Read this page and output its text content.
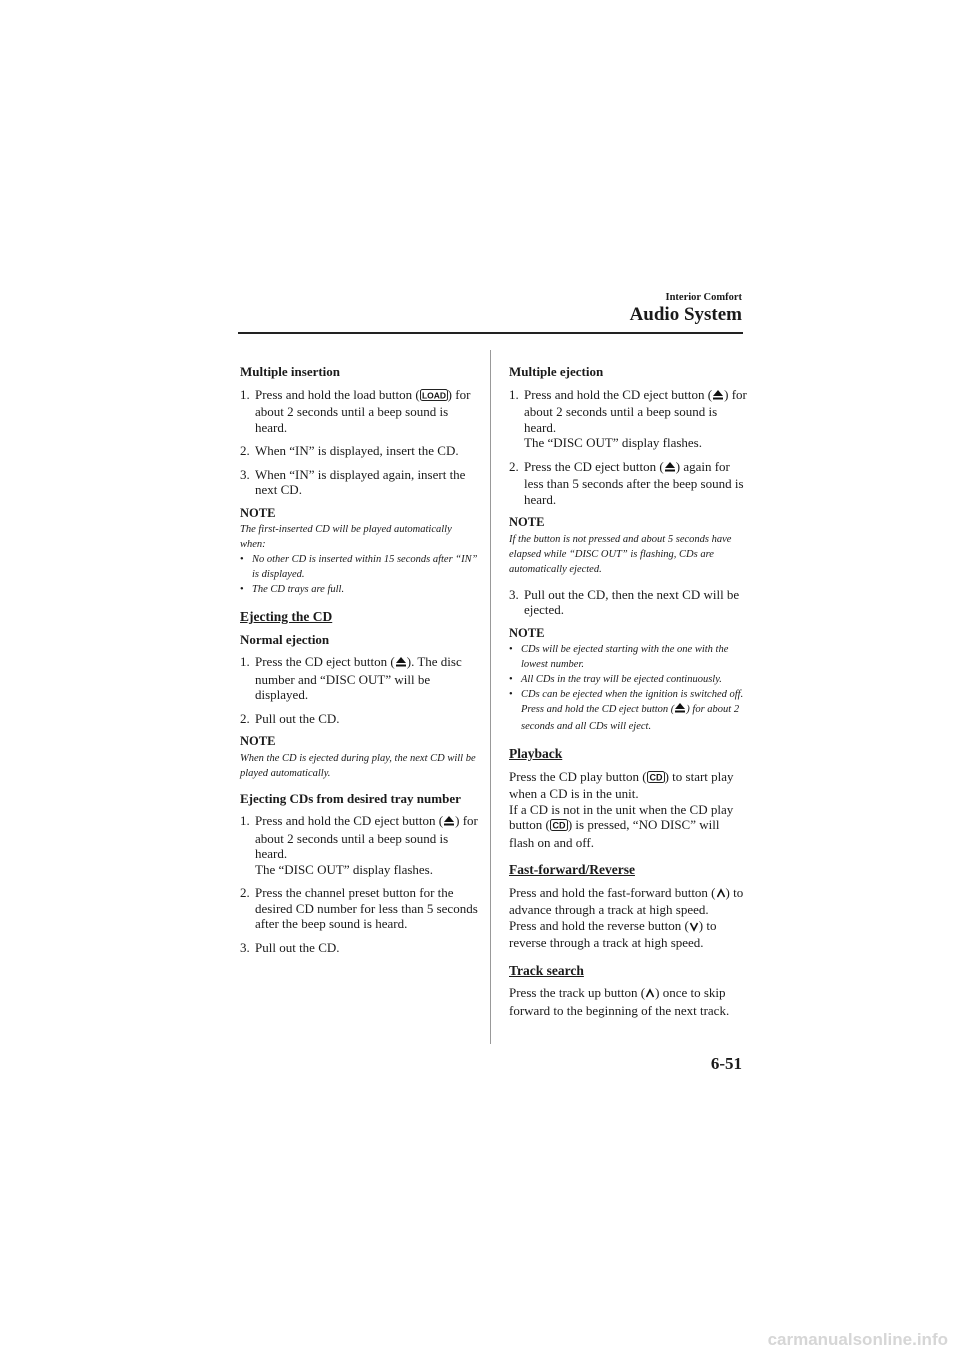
Interior Comfort
Audio System
Multiple insertion
1. Press and hold the load button ( LOAD ) for about 2 seconds until a beep sound is heard.
2. When “IN” is displayed, insert the CD.
3. When “IN” is displayed again, insert the next CD.
NOTE
The first-inserted CD will be played automatically when:
• No other CD is inserted within 15 seconds after “IN” is displayed.
• The CD trays are full.
Ejecting the CD
Normal ejection
1. Press the CD eject button ( ). The disc number and “DISC OUT” will be displayed.
2. Pull out the CD.
NOTE
When the CD is ejected during play, the next CD will be played automatically.
Ejecting CDs from desired tray number
1. Press and hold the CD eject button ( ) for about 2 seconds until a beep sound is heard.
The “DISC OUT” display flashes.
2. Press the channel preset button for the desired CD number for less than 5 seconds after the beep sound is heard.
3. Pull out the CD.
Multiple ejection
1. Press and hold the CD eject button ( ) for about 2 seconds until a beep sound is heard.
The “DISC OUT” display flashes.
2. Press the CD eject button ( ) again for less than 5 seconds after the beep sound is heard.
NOTE
If the button is not pressed and about 5 seconds have elapsed while “DISC OUT” is flashing, CDs are automatically ejected.
3. Pull out the CD, then the next CD will be ejected.
NOTE
• CDs will be ejected starting with the one with the lowest number.
• All CDs in the tray will be ejected continuously.
• CDs can be ejected when the ignition is switched off. Press and hold the CD eject button ( ) for about 2 seconds and all CDs will eject.
Playback
Press the CD play button ( CD ) to start play when a CD is in the unit.
If a CD is not in the unit when the CD play button ( CD ) is pressed, “NO DISC” will flash on and off.
Fast-forward/Reverse
Press and hold the fast-forward button ( ) to advance through a track at high speed.
Press and hold the reverse button ( ) to reverse through a track at high speed.
Track search
Press the track up button ( ) once to skip forward to the beginning of the next track.
6-51
carmanualsonline.info
